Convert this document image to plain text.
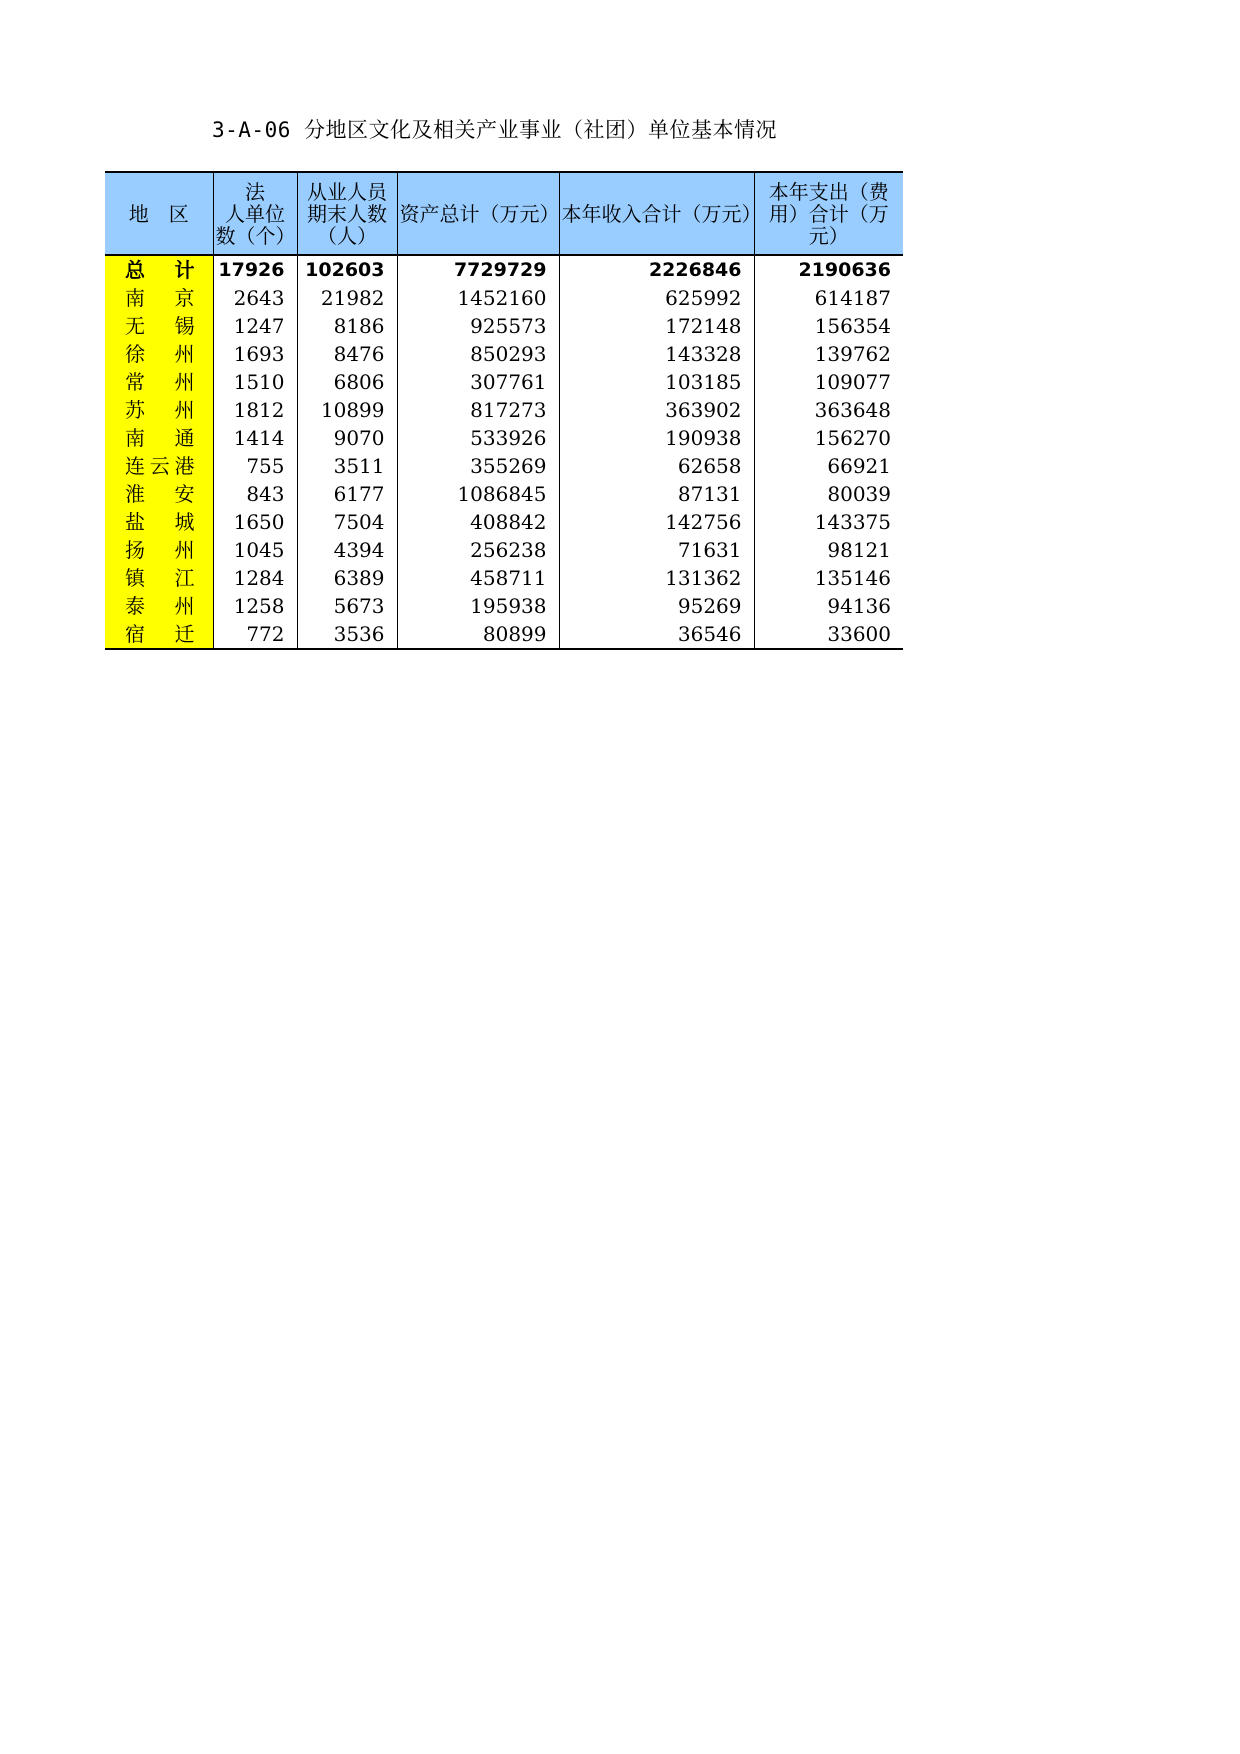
3-A-06 分地区文化及相关产业事业（社团）单位基本情况
地　区	法　　人单位数（个）	从业人员期末人数（人）	资产总计（万元）	本年收入合计（万元）	本年支出（费用）合计（万元）

总　计	17926	102603	7729729	2226846	2190636

南　京	2643	21982	1452160	625992	614187

无　锡	1247	8186	925573	172148	156354

徐　州	1693	8476	850293	143328	139762

常　州	1510	6806	307761	103185	109077

苏　州	1812	10899	817273	363902	363648

南　通	1414	9070	533926	190938	156270

连云港	755	3511	355269	62658	66921

淮　安	843	6177	1086845	87131	80039

盐　城	1650	7504	408842	142756	143375

扬　州	1045	4394	256238	71631	98121

镇　江	1284	6389	458711	131362	135146

泰　州	1258	5673	195938	95269	94136

宿　迁	772	3536	80899	36546	33600
